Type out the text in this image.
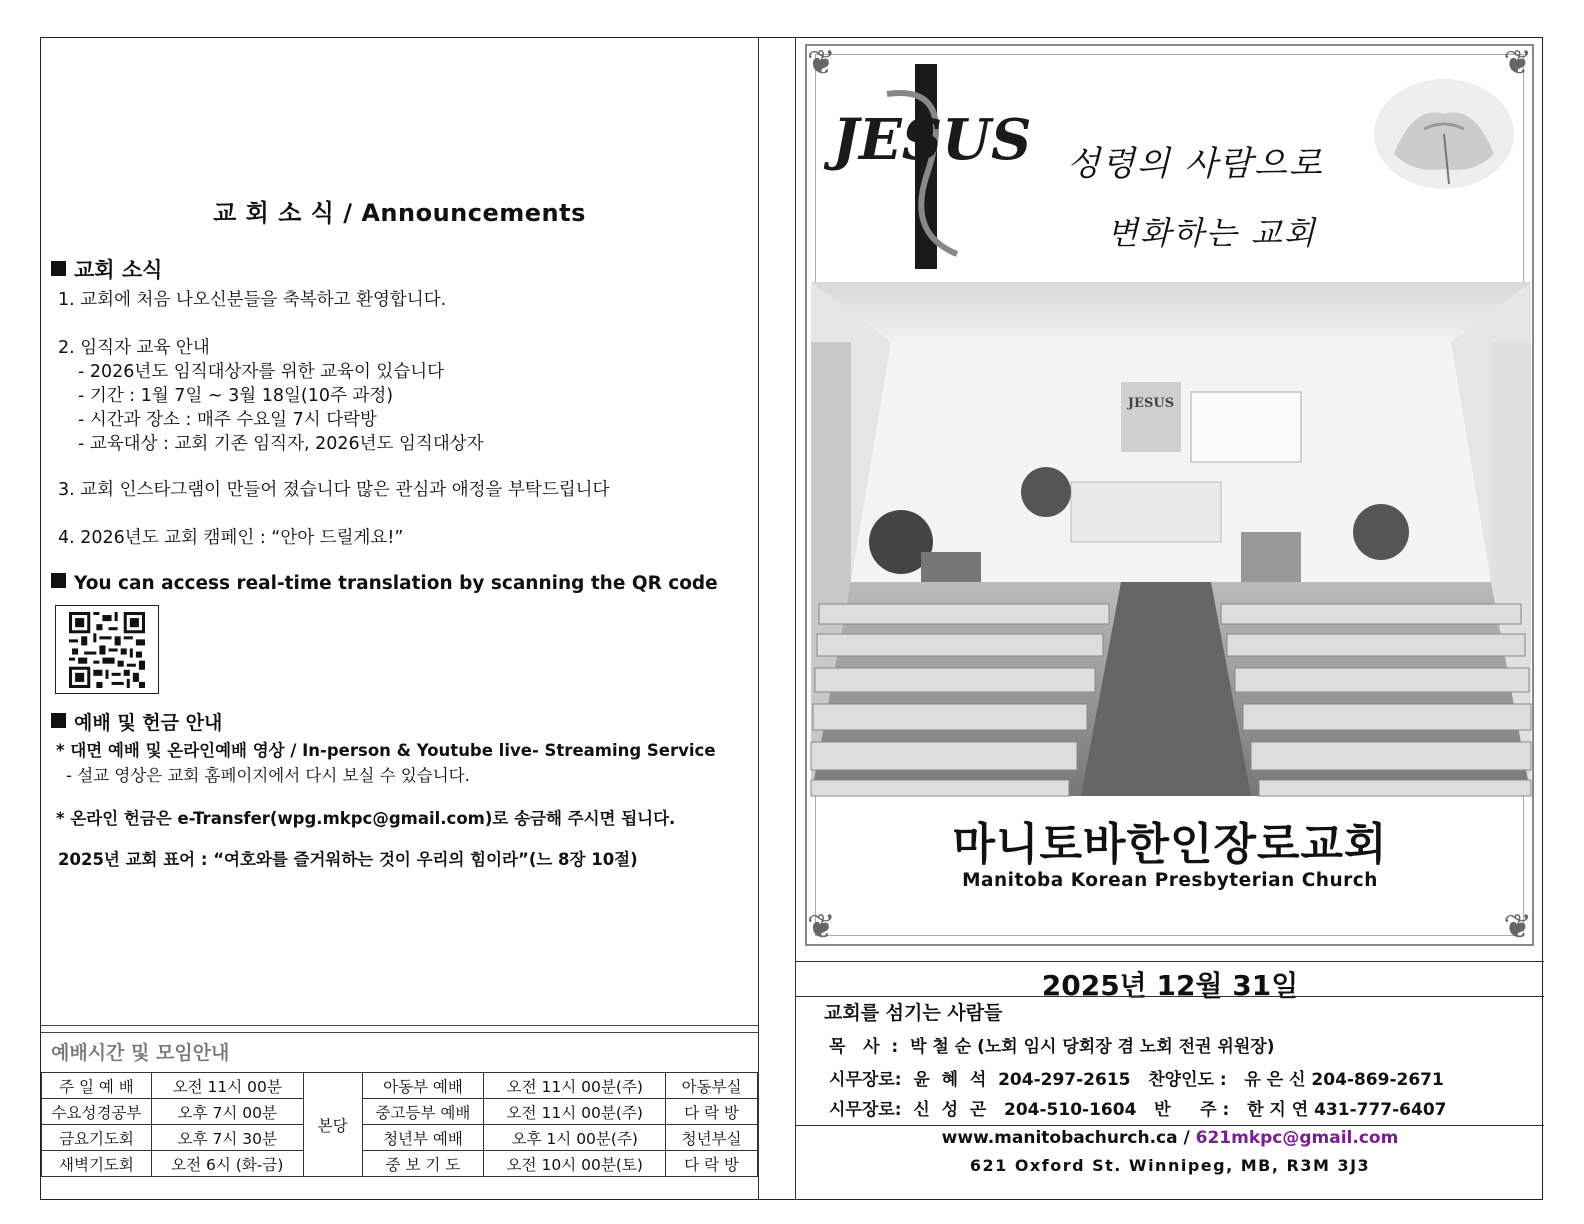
교 회 소 식 / Announcements
교회 소식
1. 교회에 처음 나오신분들을 축복하고 환영합니다.
2. 임직자 교육 안내
- 2026년도 임직대상자를 위한 교육이 있습니다
- 기간 : 1월 7일 ~ 3월 18일(10주 과정)
- 시간과 장소 : 매주 수요일 7시 다락방
- 교육대상 : 교회 기존 임직자, 2026년도 임직대상자
3. 교회 인스타그램이 만들어 졌습니다 많은 관심과 애정을 부탁드립니다
4. 2026년도 교회 캠페인 : “안아 드릴게요!”
You can access real-time translation by scanning the QR code
예배 및 헌금 안내
* 대면 예배 및 온라인예배 영상 / In-person & Youtube live- Streaming Service
- 설교 영상은 교회 홈페이지에서 다시 보실 수 있습니다.
* 온라인 헌금은 e-Transfer(wpg.mkpc@gmail.com)로 송금해 주시면 됩니다.
2025년 교회 표어 : “여호와를 즐거워하는 것이 우리의 힘이라”(느 8장 10절)
예배시간 및 모임안내
주 일 예 배	오전 11시 00분	본당	아동부 예배	오전 11시 00분(주)	아동부실
수요성경공부	오후 7시 00분		중고등부 예배	오전 11시 00분(주)	다 락 방
금요기도회	오후 7시 30분		청년부 예배	오후 1시 00분(주)	청년부실
새벽기도회	오전 6시 (화-금)		중 보 기 도	오전 10시 00분(토)	다 락 방
❦	❦
❦	❦
JESUS 성령의 사람으로
변화하는 교회
JESUS
마니토바한인장로교회
Manitoba Korean Presbyterian Church
2025년 12월 31일
교회를 섬기는 사람들
목   사  :  박 철 순 (노회 임시 당회장 겸 노회 전권 위원장)
시무장로:  윤  혜  석  204-297-2615   찬양인도 :   유 은 신 204-869-2671
시무장로:  신  성  곤   204-510-1604   반     주 :   한 지 연 431-777-6407
www.manitobachurch.ca / 621mkpc@gmail.com
621 Oxford St. Winnipeg, MB, R3M 3J3
